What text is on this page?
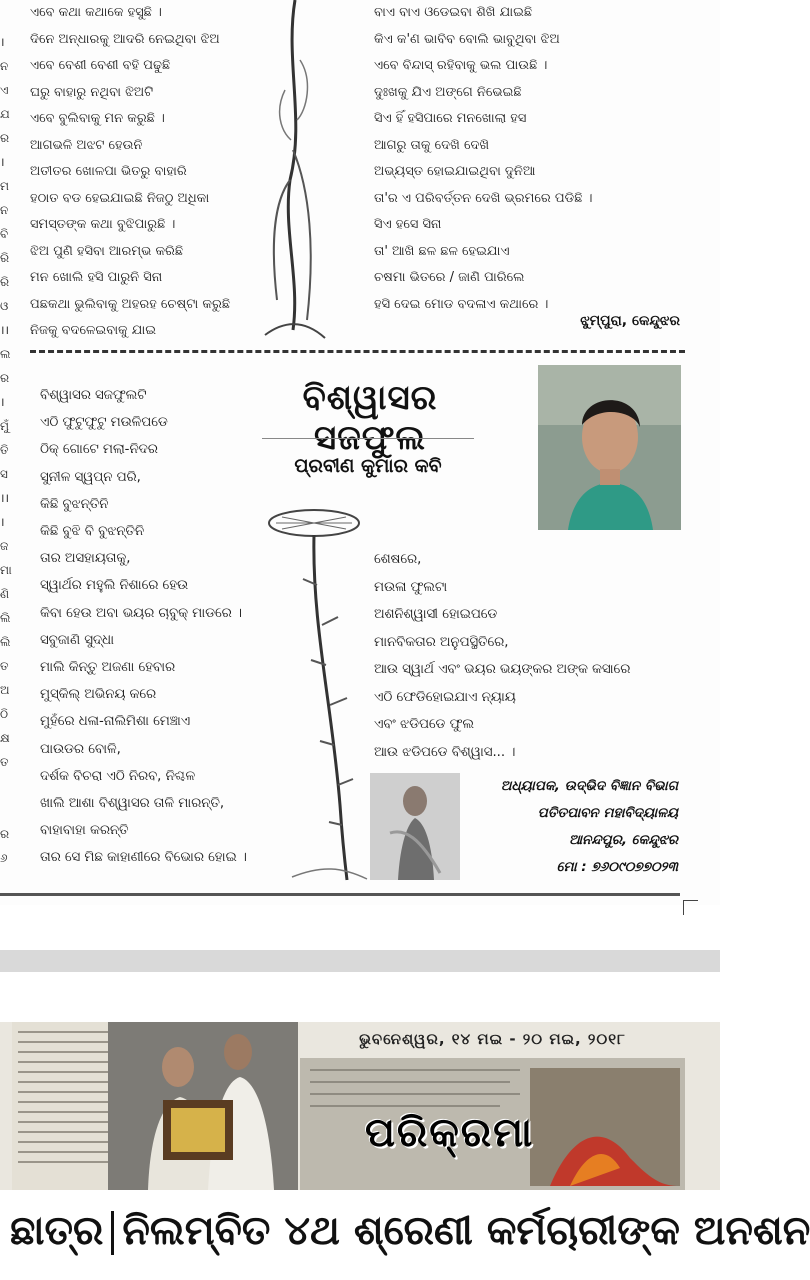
।
ନ
ଏ
ଯ
ର
।
ମ
ନ
ବି
ରି
ରି
ଓ
।।
ଲ
ର
।
ମୁଁ
ତି
ସ
।।
।
ଜ
ମା
ଣି
ଲି
ଲି
ତ
ଅ
ଠି
କ୍ଷ
ତ
ର
୬
ଏବେ କଥା କଥାକେ ହସୁଛି ।
ଦିନେ ଅନ୍ଧାରକୁ ଆଦରି ନେଇଥିବା ଝିଅ
ଏବେ ବେଶୀ ବେଶୀ ବହି ପଢୁଛି
ଘରୁ ବାହାରୁ ନଥିବା ଝିଅଟି
ଏବେ ବୁଲିବାକୁ ମନ କରୁଛି ।
ଆଗଭଳି ଅଝଟ ହେଉନି
ଅତୀତର ଖୋଳପା ଭିତରୁ ବାହାରି
ହଠାତ ବଡ ହେଇଯାଇଛି ନିଜଠୁ ଅଧିକା
ସମସ୍ତଙ୍କ କଥା ବୁଝିପାରୁଛି ।
ଝିଅ ପୁଣି ହସିବା ଆରମ୍ଭ କରିଛି
ମନ ଖୋଲି ହସି ପାରୁନି ସିନା
ପଛକଥା ଭୁଲିବାକୁ ଅହରହ ଚେଷ୍ଟା କରୁଛି
ନିଜକୁ ବଦଳେଇବାକୁ ଯାଇ
ବାଏ ବାଏ ଓଡେଇବା ଶିଖି ଯାଇଛି
କିଏ କ'ଣ ଭାବିବ ବୋଲି ଭାବୁଥିବା ଝିଅ
ଏବେ ବିନ୍ଦାସ୍ ରହିବାକୁ ଭଲ ପାଉଛି ।
ଦୁଃଖକୁ ଯିଏ ଅଙ୍ଗେ ନିଭେଇଛି
ସିଏ ହିଁ ହସିପାରେ ମନଖୋଲା ହସ
ଆଗରୁ ତାକୁ ଦେଖି ଦେଖି
ଅଭ୍ୟସ୍ତ ହୋଇଯାଇଥିବା ଦୁନିଆ
ତା'ର ଏ ପରିବର୍ତ୍ତନ ଦେଖି ଭ୍ରମରେ ପଡିଛି ।
ସିଏ ହସେ ସିନା
ତା' ଆଖି ଛଳ ଛଳ ହେଇଯାଏ
ଚଷମା ଭିତରେ / ଜାଣି ପାରିଲେ
ହସି ଦେଇ ମୋଡ ବଦଳାଏ କଥାରେ ।
ଝୁମ୍ପୁରା, କେନ୍ଦୁଝର
ବିଶ୍ୱାସର ସଜଫୁଲ
ପ୍ରବୀଣ କୁମାର କବି
ବିଶ୍ୱାସର ସଜଫୁଲଟି
ଏଠି ଫୁଟୁଫୁଟୁ ମଉଳିପଡେ
ଠିକ୍ ଗୋଟେ ମଲା-ନିଦର
ସୁନୀଳ ସ୍ୱପ୍ନ ପରି,
କିଛି ବୁଝନ୍ତିନି
କିଛି ବୁଝି ବି ବୁଝନ୍ତିନି
ତାର ଅସହାୟତାକୁ,
ସ୍ୱାର୍ଥର ମହୁଲି ନିଶାରେ ହେଉ
କିବା ହେଉ ଅବା ଭୟର ଚାବୁକ୍ ମାଡରେ ।
ସବୁଜାଣି ସୁଦ୍ଧା
ମାଲି କିନ୍ତୁ ଅଜଣା ହେବାର
ମୁସ୍କିଲ୍ ଅଭିନୟ କରେ
ମୁହଁରେ ଧଳା-ନାଲିମିଶା ମେଞ୍ଚାଏ
ପାଉଡର ବୋଳି,
ଦର୍ଶକ ବିଚରା ଏଠି ନିରବ, ନିଶ୍ଚଳ
ଖାଲି ଆଶା ବିଶ୍ୱାସର ତାଳି ମାରନ୍ତି,
ବାହାବାହା କରନ୍ତି
ତାର ସେ ମିଛ କାହାଣୀରେ ବିଭୋର ହୋଇ ।
ଶେଷରେ,
ମଉଳା ଫୁଲଟା
ଅଶନିଶ୍ୱାସୀ ହୋଇପଡେ
ମାନବିକତାର ଅନୁପସ୍ଥିତିରେ,
ଆଉ ସ୍ୱାର୍ଥ ଏବଂ ଭୟର ଭୟଙ୍କର ଅଙ୍କ କସାରେ
ଏଠି ଫେଡିହୋଇଯାଏ ନ୍ୟାୟ
ଏବଂ ଝଡିପଡେ ଫୁଲ
ଆଉ ଝଡିପଡେ ବିଶ୍ୱାସ... ।
ଅଧ୍ୟାପକ, ଉଦ୍ଭିଦ ବିଜ୍ଞାନ ବିଭାଗ
ପତିତପାବନ ମହାବିଦ୍ୟାଳୟ
ଆନନ୍ଦପୁର, କେନ୍ଦୁଝର
ମୋ : ୭୬୦୯୦୭୭୦୨୩
ଭୁବନେଶ୍ୱର, ୧୪ ମଇ - ୨୦ ମଇ, ୨୦୧୮
ପରିକ୍ରମା
ଛାତ୍ର ନିଲମ୍ବିତ ୪ଥ ଶ୍ରେଣୀ କର୍ମଚାରୀଙ୍କ ଅନଶନ
